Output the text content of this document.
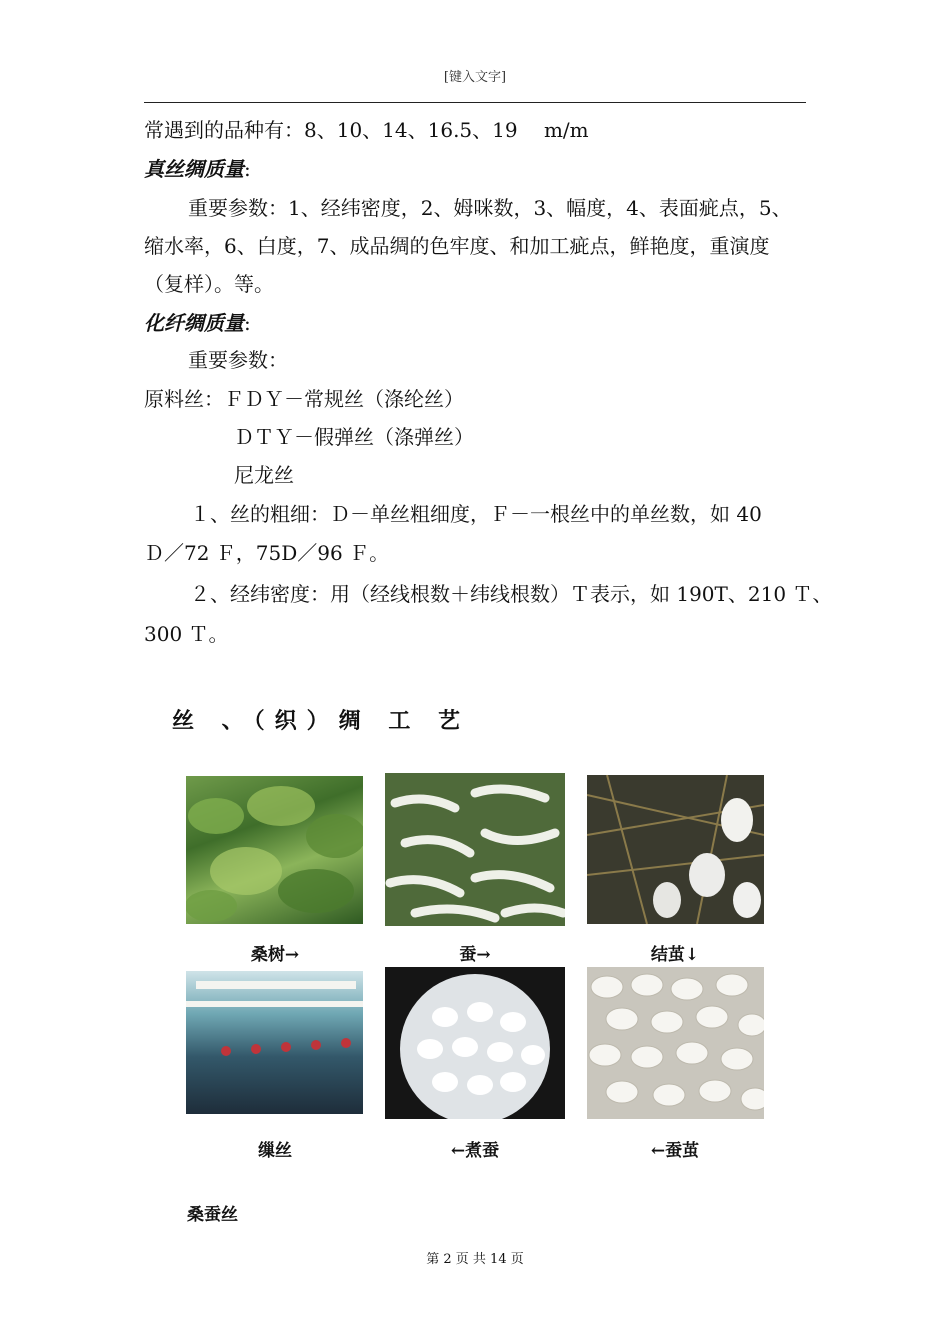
[键入文字]
常遇到的品种有：8、10、14、16.5、19　 m/m
真丝绸质量:
重要参数：1、经纬密度，2、姆咪数，3、幅度，4、表面疵点，5、
缩水率，6、白度，7、成品绸的色牢度、和加工疵点，鲜艳度，重演度
（复样）。等。
化纤绸质量:
重要参数：
原料丝：ＦＤＹ－常规丝（涤纶丝）
ＤＴＹ－假弹丝（涤弹丝）
尼龙丝
１、丝的粗细：Ｄ－单丝粗细度，Ｆ－一根丝中的单丝数，如 40
Ｄ／72 Ｆ，75D／96 Ｆ。
２、经纬密度：用（经线根数＋纬线根数）Ｔ表示，如 190T、210 Ｔ、
300 Ｔ。
丝 、（织）绸 工 艺
桑树→	蚕→	结茧↓
缫丝	←煮蚕	←蚕茧
桑蚕丝
第 2 页 共 14 页
